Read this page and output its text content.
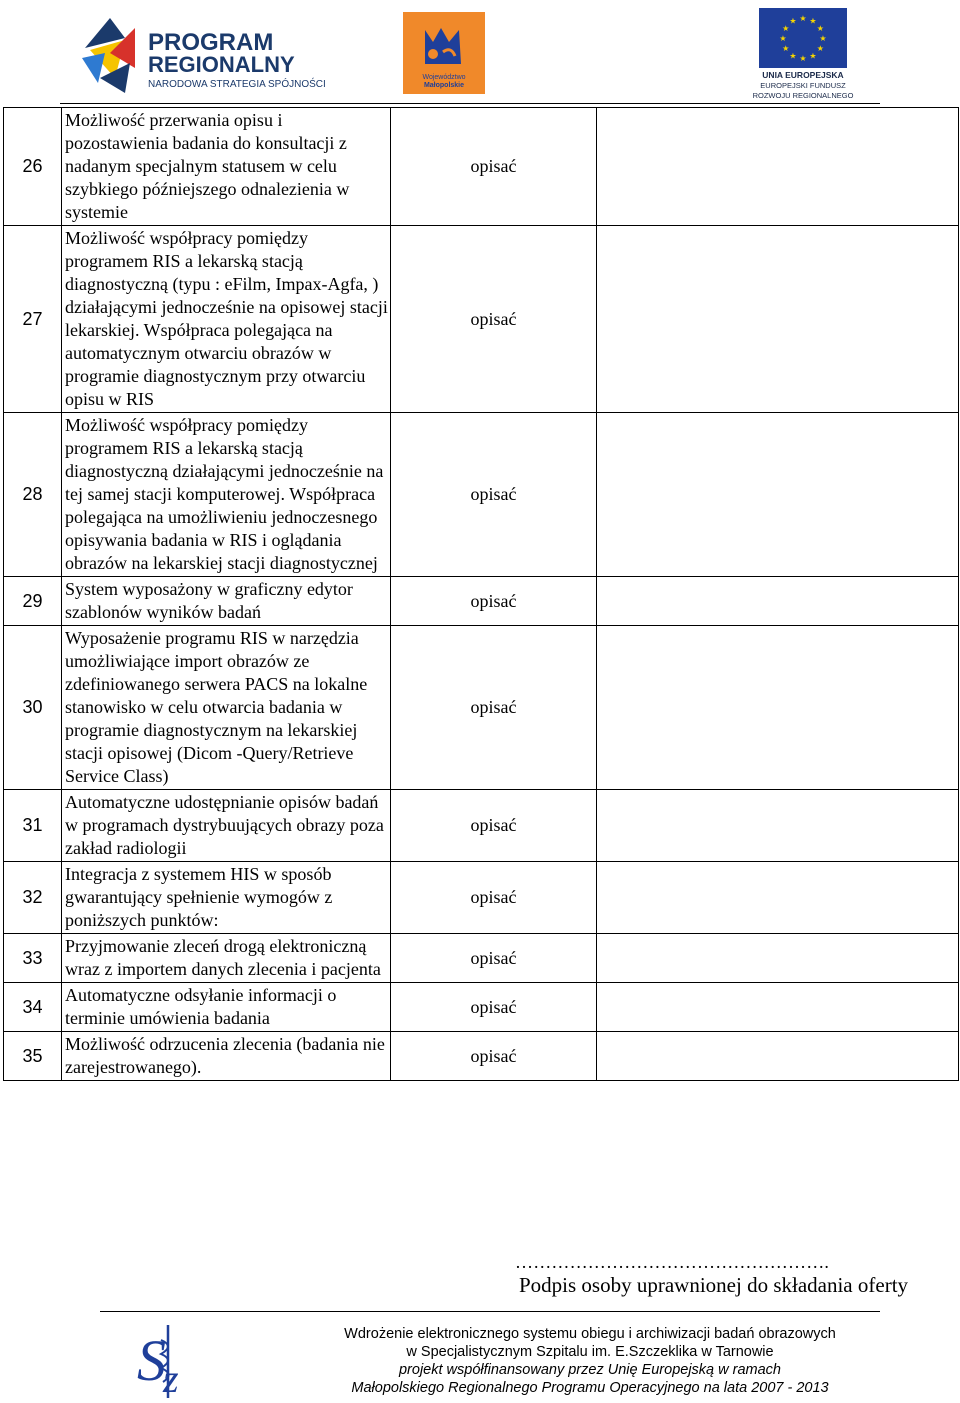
PROGRAM
REGIONALNY
NARODOWA STRATEGIA SPÓJNOŚCI
Województwo
Małopolskie
★
★
★
★
★
★
★
★
★ ★ ★
★
UNIA EUROPEJSKA
EUROPEJSKI FUNDUSZ
ROZWOJU REGIONALNEGO
26	Możliwość przerwania opisu i pozostawienia badania do konsultacji z nadanym specjalnym statusem w celu szybkiego późniejszego odnalezienia w systemie	opisać	
27	Możliwość współpracy pomiędzy programem RIS a lekarską stacją diagnostyczną (typu : eFilm, Impax-Agfa, ) działającymi jednocześnie na opisowej stacji lekarskiej. Współpraca polegająca na automatycznym otwarciu obrazów w programie diagnostycznym przy otwarciu opisu w RIS	opisać	
28	Możliwość współpracy pomiędzy programem RIS a lekarską stacją diagnostyczną działającymi jednocześnie na tej samej stacji komputerowej. Współpraca polegająca na umożliwieniu jednoczesnego opisywania badania w RIS i oglądania obrazów na lekarskiej stacji diagnostycznej	opisać	
29	System wyposażony w graficzny edytor szablonów wyników badań	opisać	
30	Wyposażenie programu RIS w narzędzia umożliwiające import obrazów ze zdefiniowanego serwera PACS na lokalne stanowisko w celu otwarcia badania w programie diagnostycznym na lekarskiej stacji opisowej (Dicom -Query/Retrieve Service Class)	opisać	
31	Automatyczne udostępnianie opisów badań w programach dystrybuujących obrazy poza zakład radiologii	opisać	
32	Integracja z systemem HIS w sposób gwarantujący spełnienie wymogów z poniższych punktów:	opisać	
33	Przyjmowanie zleceń drogą elektroniczną wraz z importem danych zlecenia i pacjenta	opisać	
34	Automatyczne odsyłanie informacji o terminie umówienia badania	opisać	
35	Możliwość odrzucenia zlecenia (badania nie zarejestrowanego).	opisać	
…………………………………………….
Podpis osoby uprawnionej do składania oferty
S
z
Wdrożenie elektronicznego systemu obiegu i archiwizacji badań obrazowych
w Specjalistycznym Szpitalu im. E.Szczeklika w Tarnowie
projekt współfinansowany przez Unię Europejską w ramach
Małopolskiego Regionalnego Programu Operacyjnego na lata 2007 - 2013
